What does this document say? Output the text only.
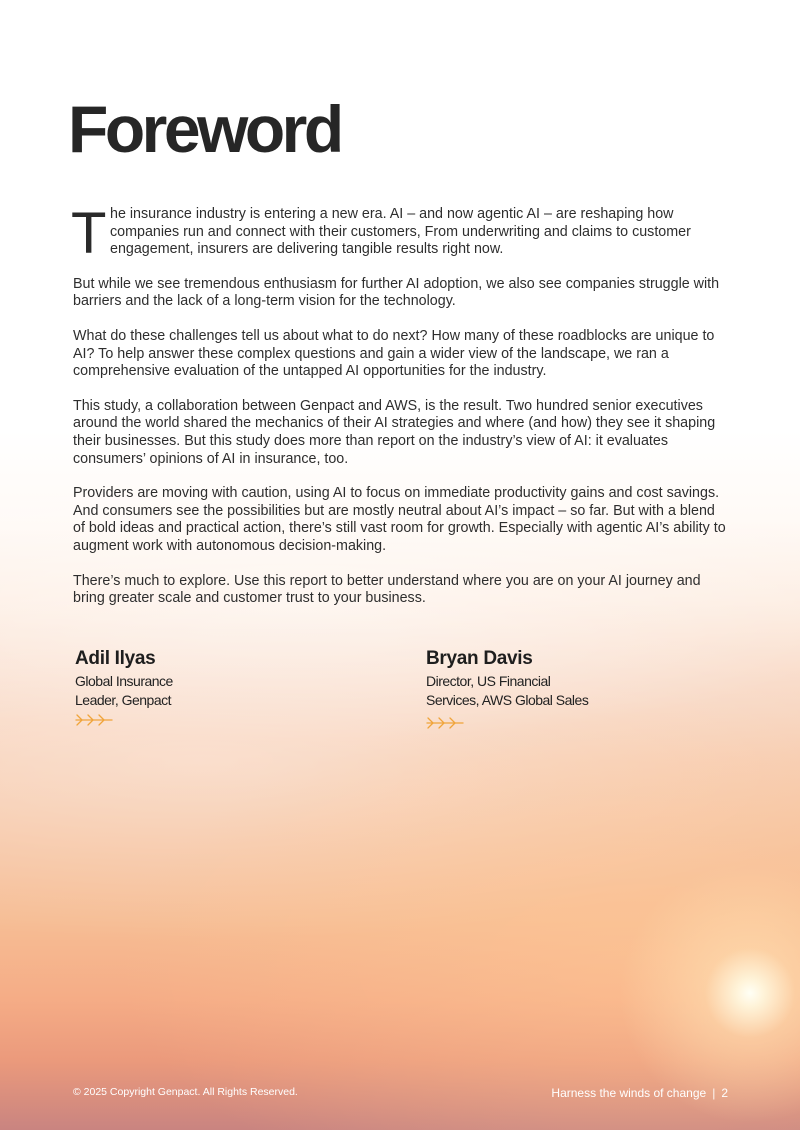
Foreword

T he insurance industry is entering a new era. AI – and now agentic AI – are reshaping how companies run and connect with their customers, From underwriting and claims to customer engagement, insurers are delivering tangible results right now.

But while we see tremendous enthusiasm for further AI adoption, we also see companies struggle with barriers and the lack of a long-term vision for the technology.

What do these challenges tell us about what to do next? How many of these roadblocks are unique to AI? To help answer these complex questions and gain a wider view of the landscape, we ran a comprehensive evaluation of the untapped AI opportunities for the industry.

This study, a collaboration between Genpact and AWS, is the result. Two hundred senior executives around the world shared the mechanics of their AI strategies and where (and how) they see it shaping their businesses. But this study does more than report on the industry’s view of AI: it evaluates consumers’ opinions of AI in insurance, too.

Providers are moving with caution, using AI to focus on immediate productivity gains and cost savings. And consumers see the possibilities but are mostly neutral about AI’s impact – so far. But with a blend of bold ideas and practical action, there’s still vast room for growth. Especially with agentic AI’s ability to augment work with autonomous decision-making.

There’s much to explore. Use this report to better understand where you are on your AI journey and bring greater scale and customer trust to your business.

Adil Ilyas
Global Insurance
Leader, Genpact
Bryan Davis
Director, US Financial
Services, AWS Global Sales
© 2025 Copyright Genpact. All Rights Reserved.	Harness the winds of change | 2
